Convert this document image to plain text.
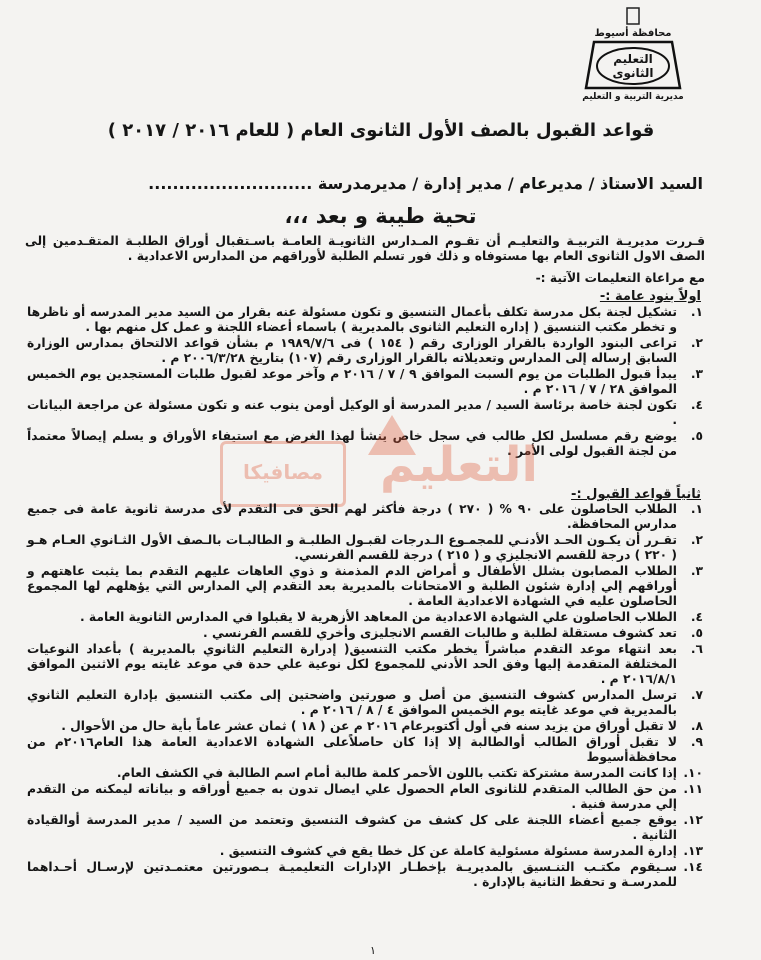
محافظة أسيوط
التعليم الثانوى
مديرية التربية و التعليم
قواعد القبول بالصف الأول الثانوى العام ( للعام ٢٠١٦ / ٢٠١٧ )
السيد الاستاذ / مديرعام / مدير إدارة / مديرمدرسة ...........................
تحية طيبة و بعد ،،،
قـررت مديريـة التربيـة والتعليـم أن تقـوم المـدارس الثانويـة العامـة باسـتقبال أوراق الطلبـة المتقـدمين إلى الصف الاول الثانوى العام بها مستوفاه و ذلك فور تسلم الطلبة لأوراقهم من المدارس الاعدادية .
مع مراعاة التعليمات الآتية :-
اولاً بنود عامة :-
١.
تشكيل لجنة بكل مدرسة تكلف بأعمال التنسيق و تكون مسئولة عنه بقرار من السيد مدير المدرسه أو ناظرها و تخطر مكتب التنسيق ( إداره التعليم الثانوى بالمديرية ) باسماء أعضاء اللجنة و عمل كل منهم بها .
٢.
تراعى البنود الواردة بالقرار الوزارى رقم ( ١٥٤ ) فى ١٩٨٩/٧/٦ م بشأن قواعد الالتحاق بمدارس الوزارة السابق إرساله إلى المدارس وتعديلاته بالقرار الوزارى رقم (١٠٧) بتاريخ ٢٠٠٦/٣/٢٨ م .
٣.
يبدأ قبول الطلبات من يوم السبت الموافق ٩ / ٧ / ٢٠١٦ م وآخر موعد لقبول طلبات المستجدين يوم الخميس الموافق ٢٨ / ٧ / ٢٠١٦ م .
٤.
تكون لجنة خاصة برئاسة السيد / مدير المدرسة أو الوكيل أومن ينوب عنه و تكون مسئولة عن مراجعة البيانات .
٥.
يوضع رقم مسلسل لكل طالب في سجل خاص ينشأ لهذا الغرض مع استيفاء الأوراق و يسلم إيصالاً معتمداً من لجنة القبول لولى الأمر .
مصافيكا	التعليم
ثانياً قواعد القبول :-
١.
الطلاب الحاصلون على ٩٠ % ( ٢٧٠ ) درجة فأكثر لهم الحق فى التقدم لأى مدرسة ثانوية عامة فى جميع مدارس المحافظة.
٢.
تقـرر أن يكـون الحـد الأدنـي للمجمـوع الـدرجات لقبـول الطلبـة و الطالبـات بالـصف الأول الثـانوي العـام هـو ( ٢٢٠ ) درجة للقسم الانجليزي و ( ٢١٥ ) درجة للقسم الفرنسي.
٣.
الطلاب المصابون بشلل الأطفال و أمراض الدم المذمنة و ذوي العاهات عليهم التقدم بما يثبت عاهتهم و أوراقهم إلي إدارة شئون الطلبة و الامتحانات بالمديرية بعد التقدم إلي المدارس التي يؤهلهم لها المجموع الحاصلون عليه في الشهادة الاعدادية العامة .
٤.
الطلاب الحاصلون علي الشهادة الاعدادية من المعاهد الأزهرية لا يقبلوا في المدارس الثانوية العامة .
٥.
تعد كشوف مستقلة لطلبة و طالبات القسم الانجليزى وأخري للقسم الفرنسي .
٦.
بعد انتهاء موعد التقدم مباشراً يخطر مكتب التنسيق( إدرارة التعليم الثانوي بالمديرية ) بأعداد النوعيات المختلفة المتقدمة إليها وفق الحد الأدني للمجموع لكل نوعية علي حدة في موعد غايته يوم الاثنين الموافق ٢٠١٦/٨/١ م .
٧.
ترسل المدارس كشوف التنسيق من أصل و صورتين واضحتين إلى مكتب التنسيق بإدارة التعليم الثانوي بالمديرية في موعد غايته يوم الخميس الموافق ٤ / ٨ / ٢٠١٦ م .
٨.
لا تقبل أوراق من يزيد سنه في أول أكتوبرعام ٢٠١٦ م عن ( ١٨ ) ثمان عشر عاماً بأية حال من الأحوال .
٩.
لا تقبل أوراق الطالب أوالطالبة إلا إذا كان حاصلاًعلى الشهادة الاعدادية العامة هذا العام٢٠١٦م من محافظةأسيوط
١٠.
إذا كانت المدرسة مشتركة تكتب باللون الأحمر كلمة طالبة أمام اسم الطالبة في الكشف العام.
١١.
من حق الطالب المتقدم للثانوى العام الحصول علي ايصال تدون به جميع أوراقه و بياناته ليمكنه من التقدم إلي مدرسة فنية .
١٢.
يوقع جميع أعضاء اللجنة على كل كشف من كشوف التنسيق وتعتمد من السيد / مدير المدرسة أوالقيادة الثانية .
١٣.
إدارة المدرسة مسئولة مسئولية كاملة عن كل خطا يقع في كشوف التنسيق .
١٤.
سـيقوم مكتـب التنـسيق بالمديريـة بإخطـار الإدارات التعليميـة بـصورتين معتمـدتين لإرسـال أحـداهما للمدرسـة و تحفظ الثانية بالإدارة .
١
